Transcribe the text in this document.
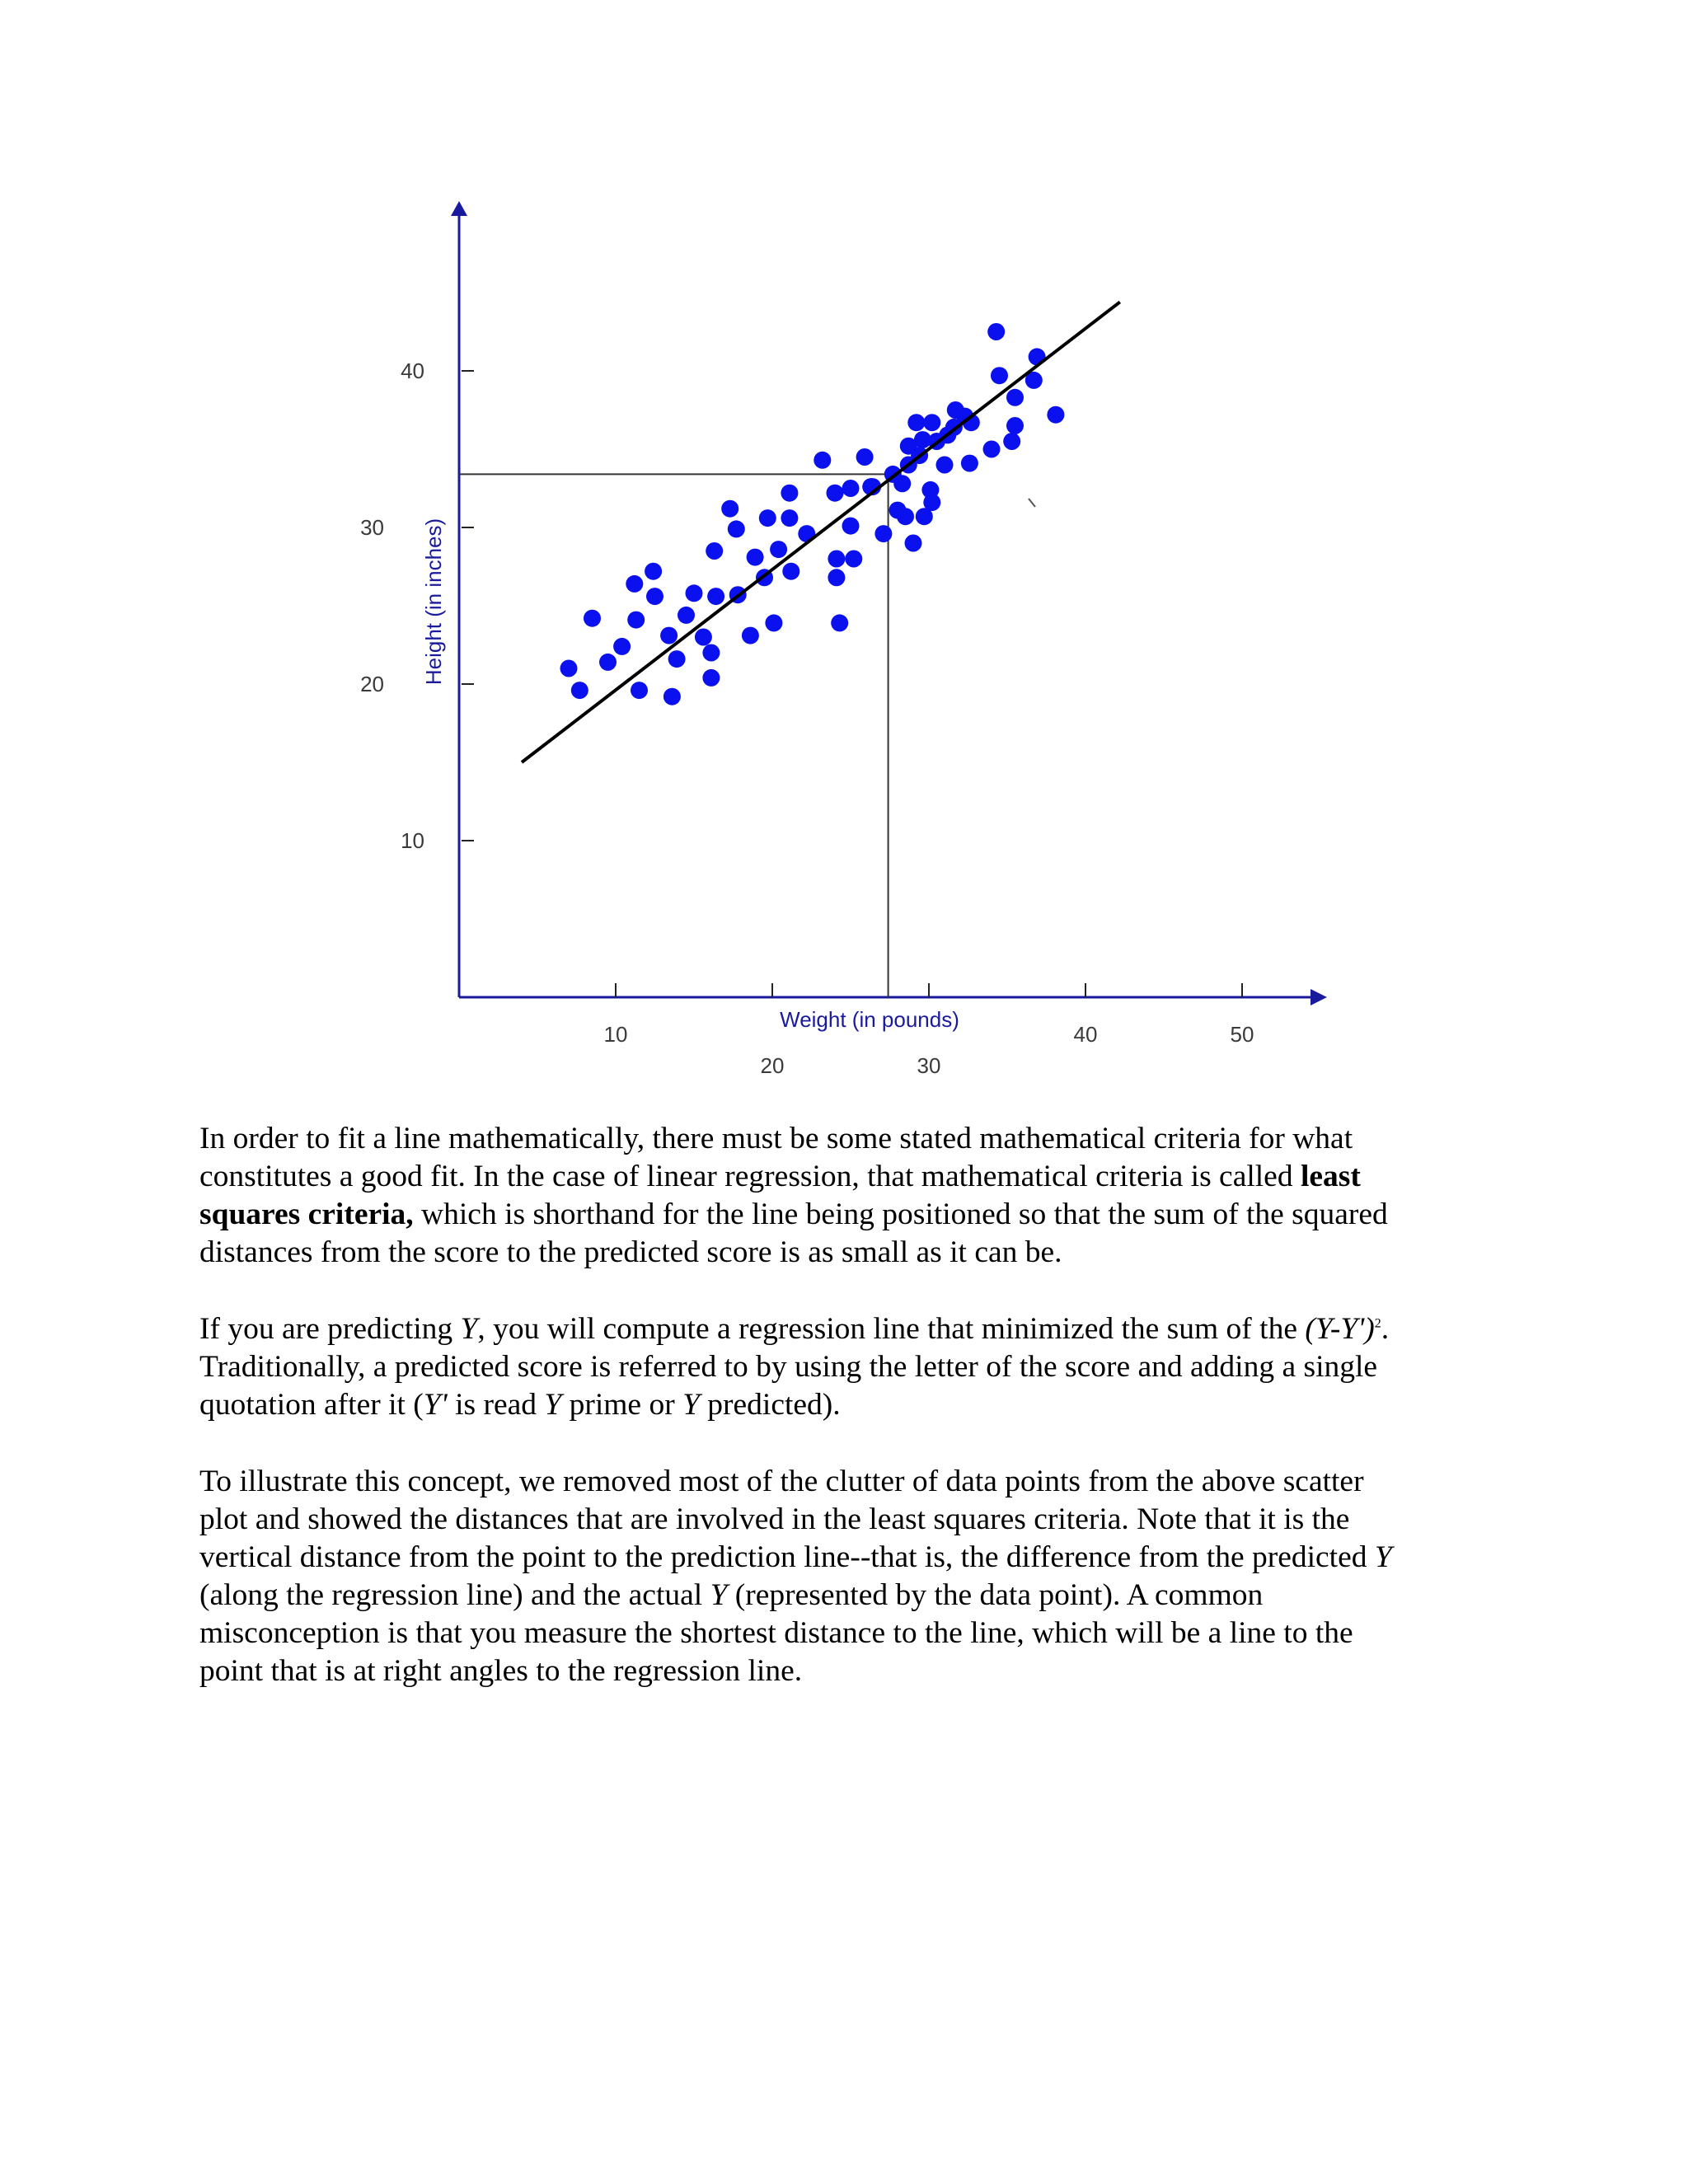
10
20	30
40	50
10
20
30
40
Weight (in pounds)
Height (in inches)
In order to fit a line mathematically, there must be some stated mathematical criteria for what
constitutes a good fit. In the case of linear regression, that mathematical criteria is called least
squares criteria, which is shorthand for the line being positioned so that the sum of the squared
distances from the score to the predicted score is as small as it can be.
If you are predicting Y, you will compute a regression line that minimized the sum of the $(Y-Y')^2$.
Traditionally, a predicted score is referred to by using the letter of the score and adding a single
quotation after it (Y' is read Y prime or Y predicted).
To illustrate this concept, we removed most of the clutter of data points from the above scatter
plot and showed the distances that are involved in the least squares criteria. Note that it is the
vertical distance from the point to the prediction line--that is, the difference from the predicted Y
(along the regression line) and the actual Y (represented by the data point). A common
misconception is that you measure the shortest distance to the line, which will be a line to the
point that is at right angles to the regression line.
